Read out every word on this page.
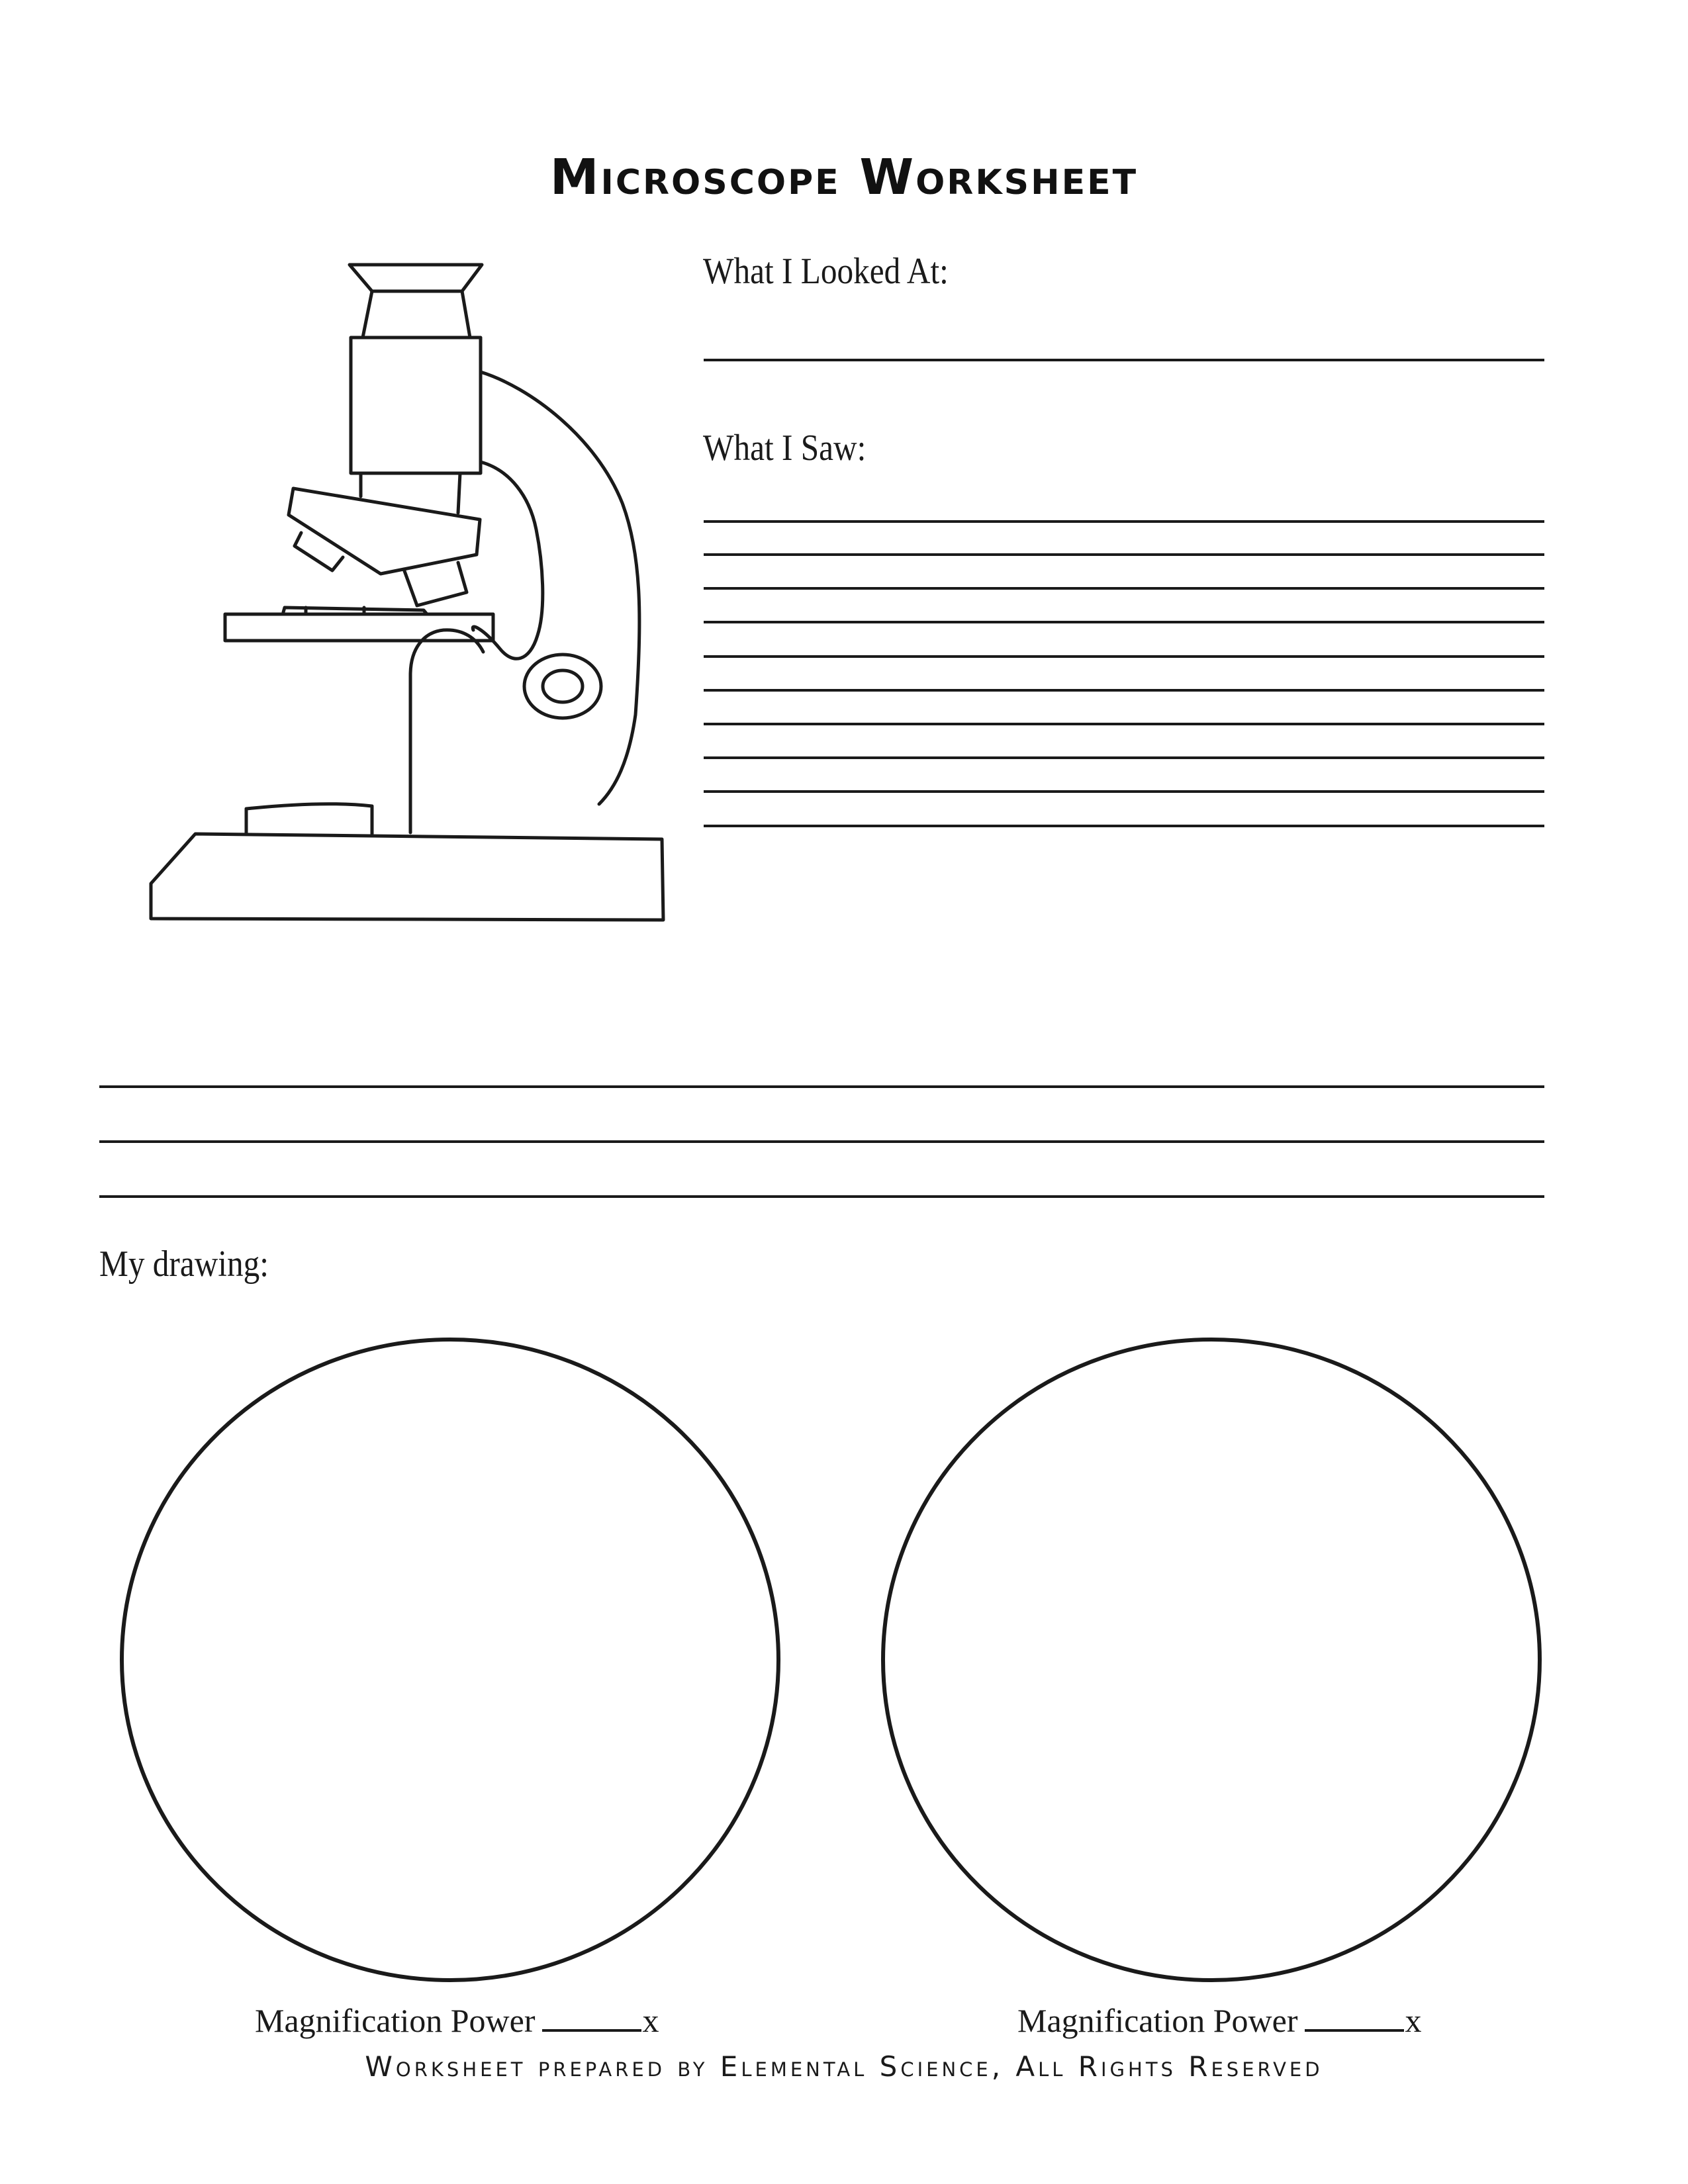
Microscope Worksheet
What I Looked At:
What I Saw:
My drawing:
Magnification Power	x	Magnification Power	x
Worksheet prepared by Elemental Science, All Rights Reserved
